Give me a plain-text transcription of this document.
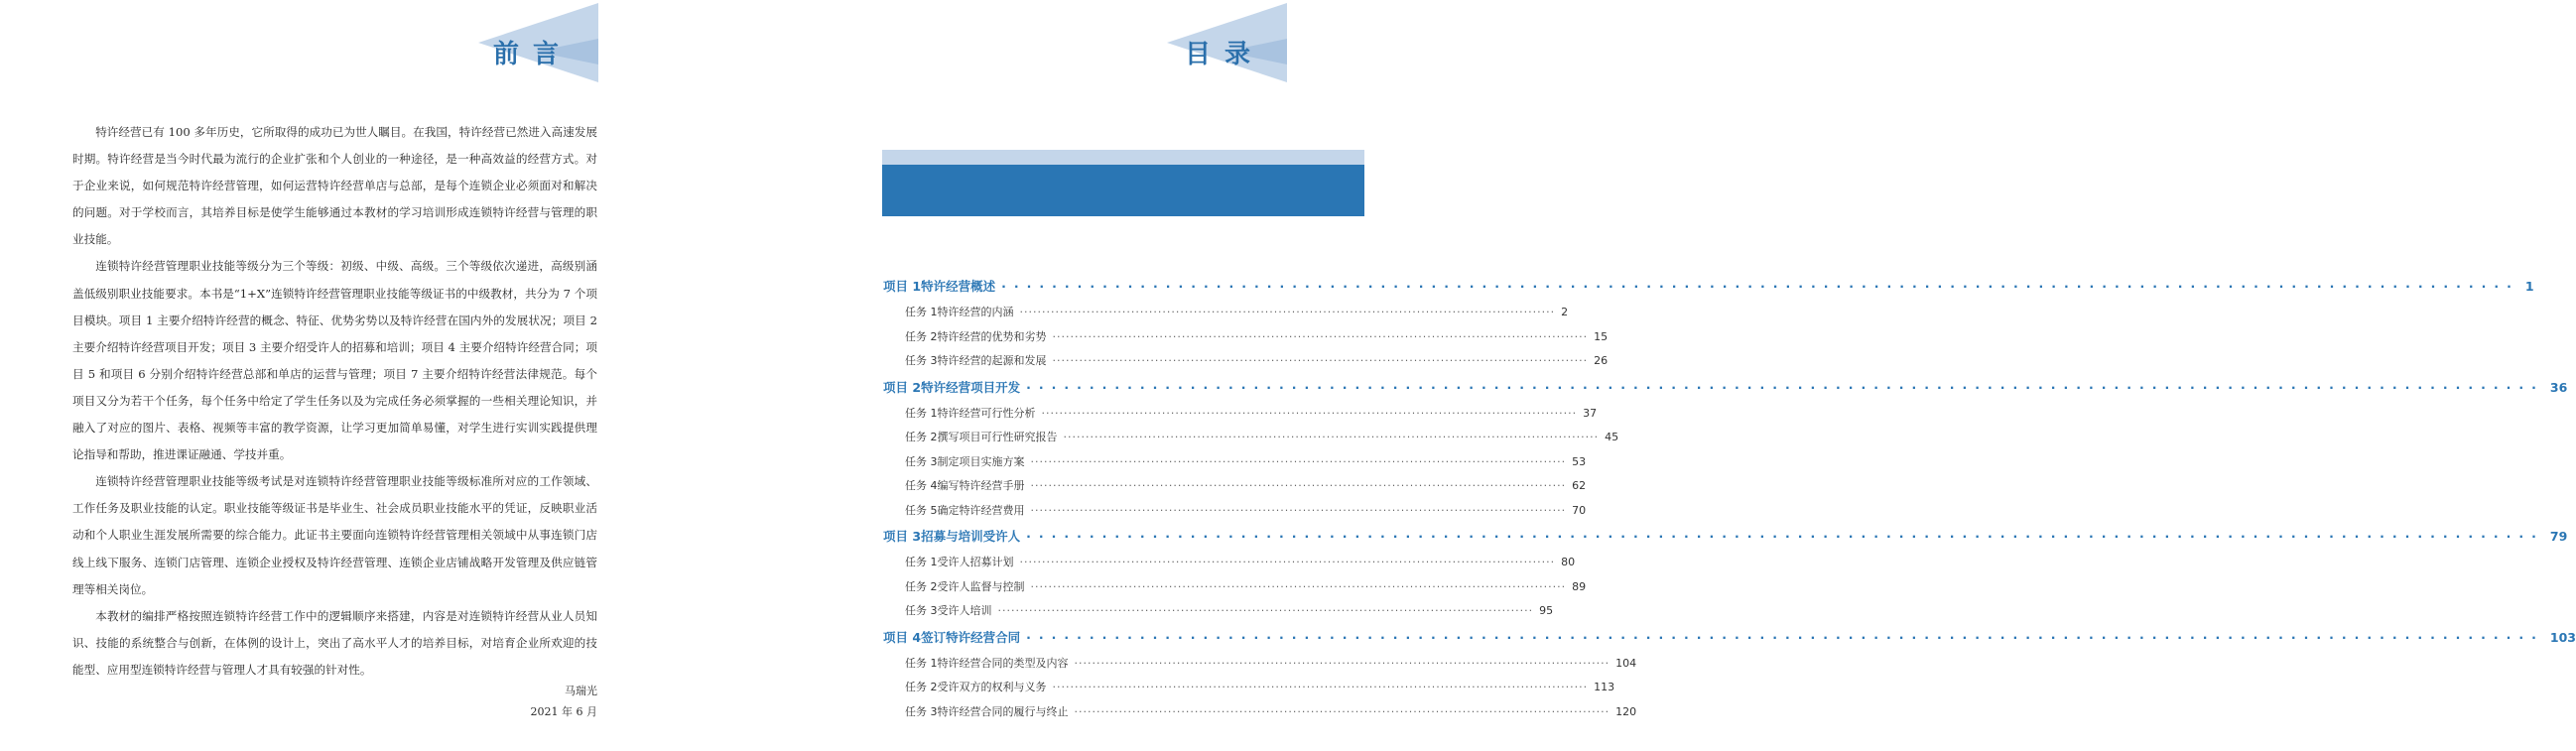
前言

特许经营已有 100 多年历史，它所取得的成功已为世人瞩目。在我国，特许经营已然进入高速发展时期。特许经营是当今时代最为流行的企业扩张和个人创业的一种途径，是一种高效益的经营方式。对于企业来说，如何规范特许经营管理，如何运营特许经营单店与总部，是每个连锁企业必须面对和解决的问题。对于学校而言，其培养目标是使学生能够通过本教材的学习培训形成连锁特许经营与管理的职业技能。

连锁特许经营管理职业技能等级分为三个等级：初级、中级、高级。三个等级依次递进，高级别涵盖低级别职业技能要求。本书是“1+X”连锁特许经营管理职业技能等级证书的中级教材，共分为 7 个项目模块。项目 1 主要介绍特许经营的概念、特征、优势劣势以及特许经营在国内外的发展状况；项目 2 主要介绍特许经营项目开发；项目 3 主要介绍受许人的招募和培训；项目 4 主要介绍特许经营合同；项目 5 和项目 6 分别介绍特许经营总部和单店的运营与管理；项目 7 主要介绍特许经营法律规范。每个项目又分为若干个任务，每个任务中给定了学生任务以及为完成任务必须掌握的一些相关理论知识，并融入了对应的图片、表格、视频等丰富的教学资源，让学习更加简单易懂，对学生进行实训实践提供理论指导和帮助，推进课证融通、学技并重。

连锁特许经营管理职业技能等级考试是对连锁特许经营管理职业技能等级标准所对应的工作领域、工作任务及职业技能的认定。职业技能等级证书是毕业生、社会成员职业技能水平的凭证，反映职业活动和个人职业生涯发展所需要的综合能力。此证书主要面向连锁特许经营管理相关领域中从事连锁门店线上线下服务、连锁门店管理、连锁企业授权及特许经营管理、连锁企业店铺战略开发管理及供应链管理等相关岗位。

本教材的编排严格按照连锁特许经营工作中的逻辑顺序来搭建，内容是对连锁特许经营从业人员知识、技能的系统整合与创新，在体例的设计上，突出了高水平人才的培养目标，对培育企业所欢迎的技能型、应用型连锁特许经营与管理人才具有较强的针对性。

马瑞光
2021 年 6 月
目录
项目 1 特许经营概述 ························································································································ 1
任务 1 特许经营的内涵 ························································································································ 2
任务 2 特许经营的优势和劣势 ························································································································ 15
任务 3 特许经营的起源和发展 ························································································································ 26
项目 2 特许经营项目开发 ························································································································ 36
任务 1 特许经营可行性分析 ························································································································ 37
任务 2 撰写项目可行性研究报告 ························································································································ 45
任务 3 制定项目实施方案 ························································································································ 53
任务 4 编写特许经营手册 ························································································································ 62
任务 5 确定特许经营费用 ························································································································ 70
项目 3 招募与培训受许人 ························································································································ 79
任务 1 受许人招募计划 ························································································································ 80
任务 2 受许人监督与控制 ························································································································ 89
任务 3 受许人培训 ························································································································ 95
项目 4 签订特许经营合同 ························································································································ 103
任务 1 特许经营合同的类型及内容 ························································································································ 104
任务 2 受许双方的权利与义务 ························································································································ 113
任务 3 特许经营合同的履行与终止 ························································································································ 120
